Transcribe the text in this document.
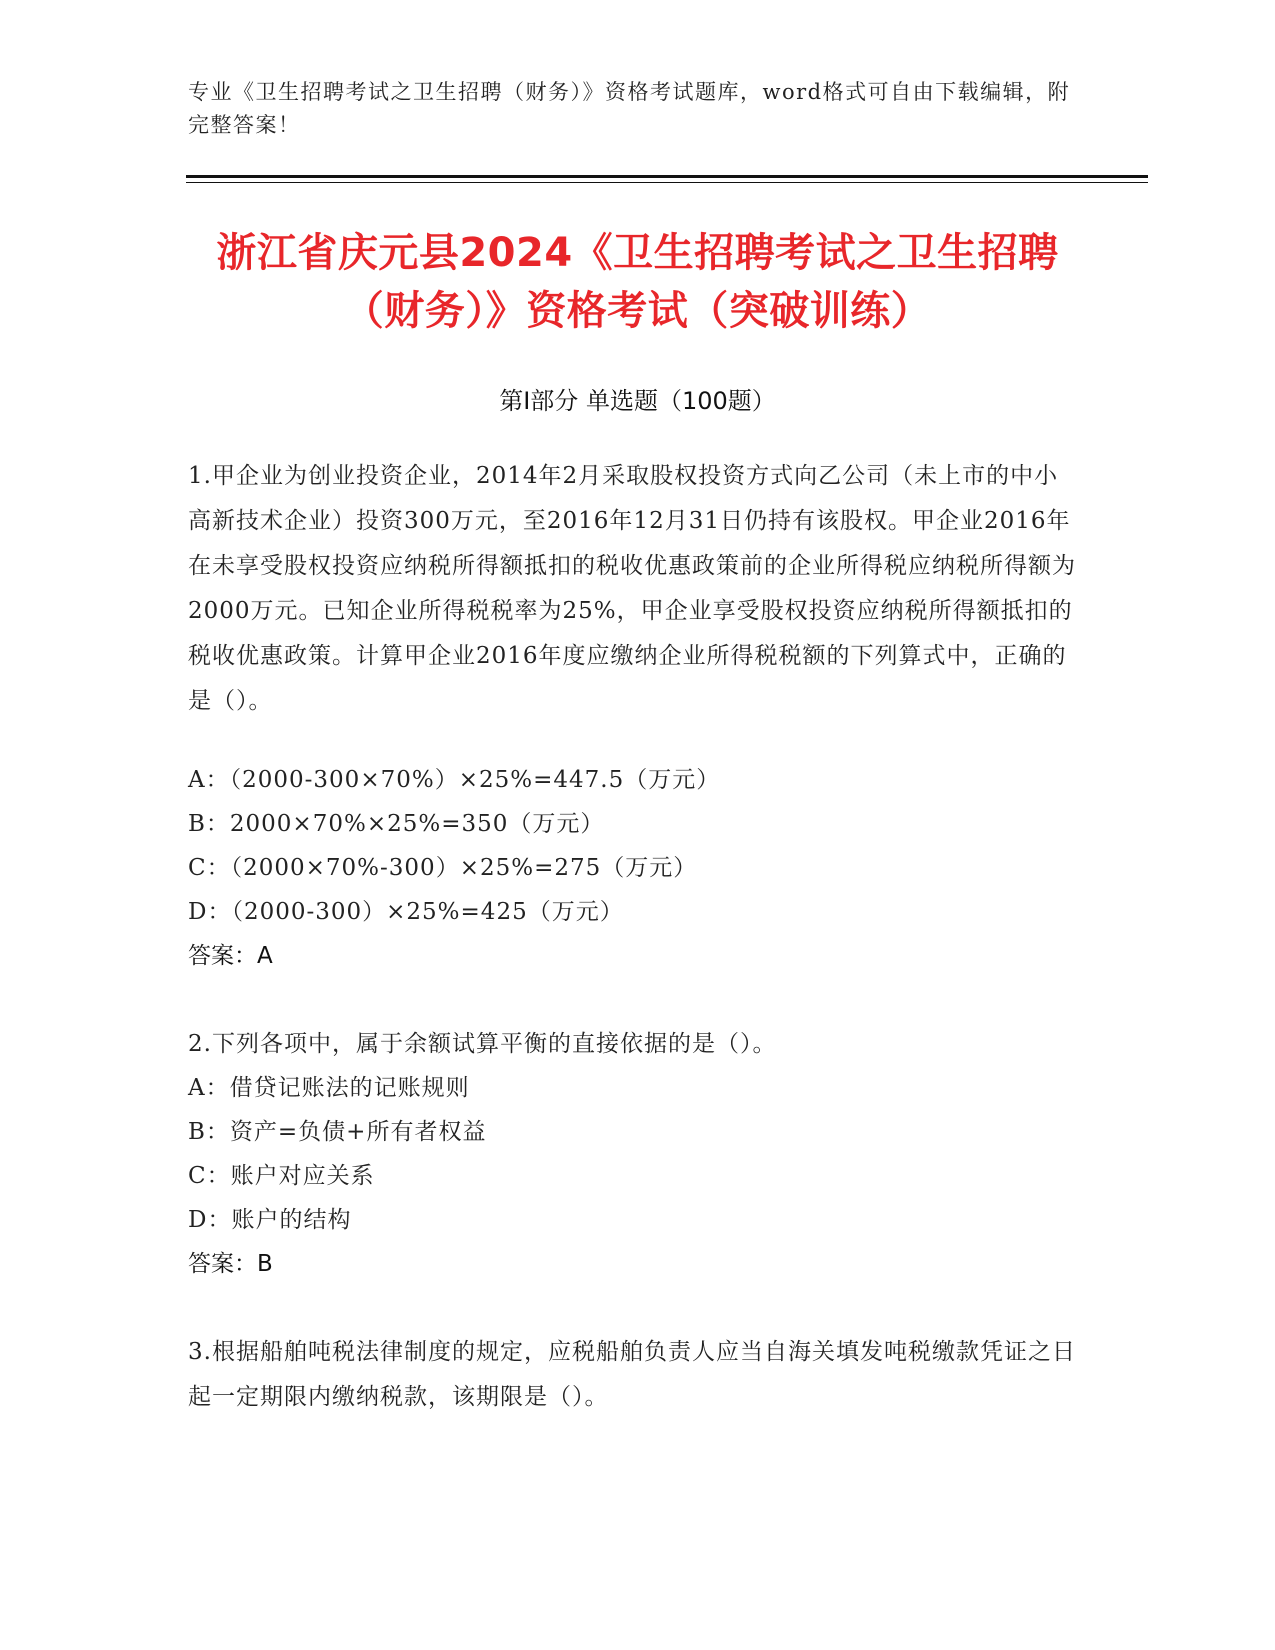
专业《卫生招聘考试之卫生招聘（财务）》资格考试题库，word格式可自由下载编辑，附完整答案！
浙江省庆元县2024《卫生招聘考试之卫生招聘（财务）》资格考试（突破训练）
第Ⅰ部分 单选题（100题）
1.甲企业为创业投资企业，2014年2月采取股权投资方式向乙公司（未上市的中小高新技术企业）投资300万元，至2016年12月31日仍持有该股权。甲企业2016年在未享受股权投资应纳税所得额抵扣的税收优惠政策前的企业所得税应纳税所得额为2000万元。已知企业所得税税率为25%，甲企业享受股权投资应纳税所得额抵扣的税收优惠政策。计算甲企业2016年度应缴纳企业所得税税额的下列算式中，正确的是（）。
A：（2000-300×70%）×25%=447.5（万元）
B：2000×70%×25%=350（万元）
C：（2000×70%-300）×25%=275（万元）
D：（2000-300）×25%=425（万元）
答案：A
2.下列各项中，属于余额试算平衡的直接依据的是（）。
A：借贷记账法的记账规则
B：资产=负债+所有者权益
C：账户对应关系
D：账户的结构
答案：B
3.根据船舶吨税法律制度的规定，应税船舶负责人应当自海关填发吨税缴款凭证之日起一定期限内缴纳税款，该期限是（）。
